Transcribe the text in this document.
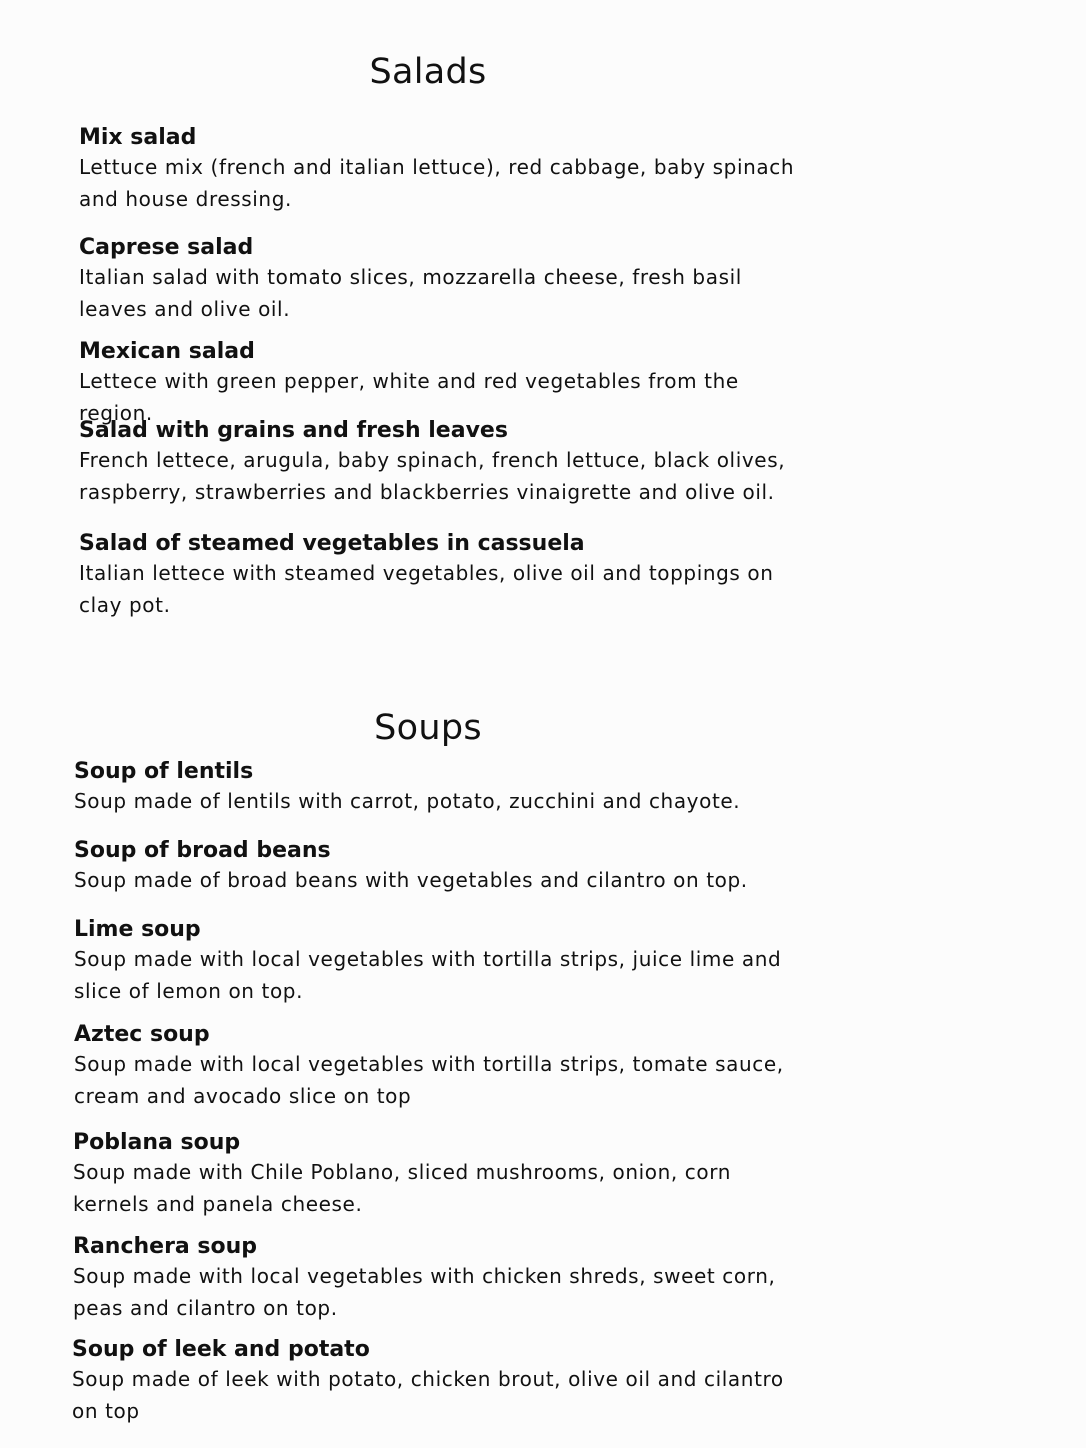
Salads

Mix salad

Lettuce mix (french and italian lettuce), red cabbage, baby spinach and house dressing.

Caprese salad

Italian salad with tomato slices, mozzarella cheese, fresh basil leaves and olive oil.

Mexican salad

Lettece with green pepper, white and red vegetables from the region.

Salad with grains and fresh leaves

French lettece, arugula, baby spinach, french lettuce, black olives, raspberry, strawberries and blackberries vinaigrette and olive oil.

Salad of steamed vegetables in cassuela

Italian lettece with steamed vegetables, olive oil and toppings on clay pot.

Soups

Soup of lentils

Soup made of lentils with carrot, potato, zucchini and chayote.

Soup of broad beans

Soup made of broad beans with vegetables and cilantro on top.

Lime soup

Soup made with local vegetables with tortilla strips, juice lime and slice of lemon on top.

Aztec soup

Soup made with local vegetables with tortilla strips, tomate sauce, cream and avocado slice on top

Poblana soup

Soup made with Chile Poblano, sliced mushrooms, onion, corn kernels and panela cheese.

Ranchera soup

Soup made with local vegetables with chicken shreds, sweet corn, peas and cilantro on top.

Soup of leek and potato

Soup made of leek with potato, chicken brout, olive oil and cilantro on top
